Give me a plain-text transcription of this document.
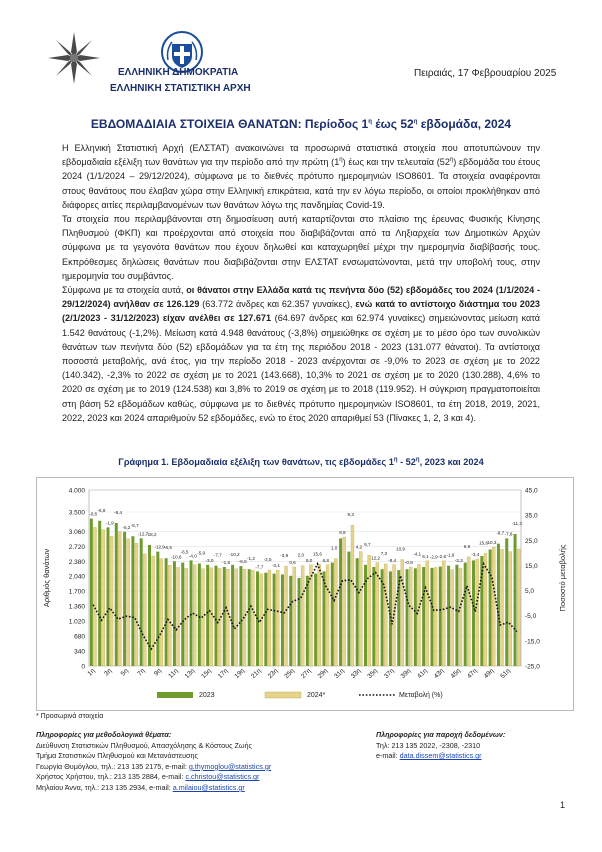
ΕΛΛΗΝΙΚΗ ΔΗΜΟΚΡΑΤΙΑ
ΕΛΛΗΝΙΚΗ ΣΤΑΤΙΣΤΙΚΗ ΑΡΧΗ
Πειραιάς, 17 Φεβρουαρίου 2025
ΕΒΔΟΜΑΔΙΑΙΑ ΣΤΟΙΧΕΙΑ ΘΑΝΑΤΩΝ: Περίοδος $1^\eta$ έως $52^\eta$ εβδομάδα, 2024

Η Ελληνική Στατιστική Αρχή (ΕΛΣΤΑΤ) ανακοινώνει τα προσωρινά στατιστικά στοιχεία που αποτυπώνουν την εβδομαδιαία εξέλιξη των θανάτων για την περίοδο από την πρώτη $(1^\eta)$ έως και την τελευταία $(52^\eta)$ εβδομάδα του έτους 2024 (1/1/2024 – 29/12/2024), σύμφωνα με το διεθνές πρότυπο ημερομηνιών ISO8601. Τα στοιχεία αναφέρονται στους θανάτους που έλαβαν χώρα στην Ελληνική επικράτεια, κατά την εν λόγω περίοδο, οι οποίοι προκλήθηκαν από διάφορες αιτίες περιλαμβανομένων των θανάτων λόγω της πανδημίας Covid-19.

Τα στοιχεία που περιλαμβάνονται στη δημοσίευση αυτή καταρτίζονται στο πλαίσιο της έρευνας Φυσικής Κίνησης Πληθυσμού (ΦΚΠ) και προέρχονται από στοιχεία που διαβιβάζονται από τα Ληξιαρχεία των Δημοτικών Αρχών σύμφωνα με τα γεγονότα θανάτων που έχουν δηλωθεί και καταχωρηθεί μέχρι την ημερομηνία διαβίβασής τους. Εκπρόθεσμες δηλώσεις θανάτων που διαβιβάζονται στην ΕΛΣΤΑΤ ενσωματώνονται, μετά την υποβολή τους, στην ημερομηνία του συμβάντος.

Σύμφωνα με τα στοιχεία αυτά, οι θάνατοι στην Ελλάδα κατά τις πενήντα δύο (52) εβδομάδες του 2024 (1/1/2024 - 29/12/2024) ανήλθαν σε 126.129 (63.772 άνδρες και 62.357 γυναίκες), ενώ κατά το αντίστοιχο διάστημα του 2023 (2/1/2023 - 31/12/2023) είχαν ανέλθει σε 127.671 (64.697 άνδρες και 62.974 γυναίκες) σημειώνοντας μείωση κατά 1.542 θανάτους (-1,2%). Μείωση κατά 4.948 θανάτους (-3,8%) σημειώθηκε σε σχέση με το μέσο όρο των συνολικών θανάτων των πενήντα δύο (52) εβδομάδων για τα έτη της περιόδου 2018 - 2023 (131.077 θάνατοι). Τα αντίστοιχα ποσοστά μεταβολής, ανά έτος, για την περίοδο 2018 - 2023 ανέρχονται σε -9,0% το 2023 σε σχέση με το 2022 (140.342), -2,3% το 2022 σε σχέση με το 2021 (143.668), 10,3% το 2021 σε σχέση με το 2020 (130.288), 4,6% το 2020 σε σχέση με το 2019 (124.538) και 3,8% το 2019 σε σχέση με το 2018 (119.952). Η σύγκριση πραγματοποιείται στη βάση 52 εβδομάδων καθώς, σύμφωνα με το διεθνές πρότυπο ημερομηνιών ISO8601, τα έτη 2018, 2019, 2021, 2022, 2023 και 2024 απαριθμούν 52 εβδομάδες, ενώ το έτος 2020 απαριθμεί 53 (Πίνακες 1, 2, 3 και 4).

Γράφημα 1. Εβδομαδιαία εξέλιξη των θανάτων, τις εβδομάδες $1^\eta - 52^\eta$, 2023 και 2024
0
340
680
1.020
1.360
1.700
2.040
2.380
2.720
3.060
3.500
4.000
-25,0
-15,0
-5,0
5,0
15,0
25,0
35,0
45,0
Αριθμός θανάτων	Ποσοστό μεταβολής
-0,6
-6,8
-1,9
-6,4
-5,2 -5,7
-12,7
-18,2
-12,9 -6,5
-10,6
-6,5
-4,0
-5,9
-3,0
-7,7
-1,8
-10,2
-6,5
-1,2
-7,7
-2,5
-3,1
-3,9
0,6
2,0
9,0
15,6
6,8
1,0
8,9
9,3
4,2 9,7
12,2
7,3
-8,4
10,9
-0,8
-4,1 6,1 -2,9 -2,6 -1,6
-3,3
6,9
-3,4
15,6 10,3
-8,7 -7,6
-11,3
1η 3η 5η 7η 9η 11η 13η 15η 17η 19η 21η 23η 25η 27η 29η 31η 33η 35η 37η 39η 41η 43η 45η 47η 49η 51η
2023	2024*	Μεταβολή (%)
* Προσωρινά στοιχεία
Πληροφορίες για μεθοδολογικά θέματα:
Διεύθυνση Στατιστικών Πληθυσμού, Απασχόλησης & Κόστους Ζωής
Τμήμα Στατιστικών Πληθυσμού και Μετανάστευσης
Γεωργία Θυμόγλου, τηλ.: 213 135 2175, e-mail: g.thymoglou@statistics.gr
Χρήστος Χρήστου, τηλ.: 213 135 2884, e-mail: c.christou@statistics.gr
Μηλαίου Άννα, τηλ.: 213 135 2934, e-mail: a.milaiou@statistics.gr
Πληροφορίες για παροχή δεδομένων:
Τηλ: 213 135 2022, -2308, -2310
e-mail: data.dissem@statistics.gr
1
